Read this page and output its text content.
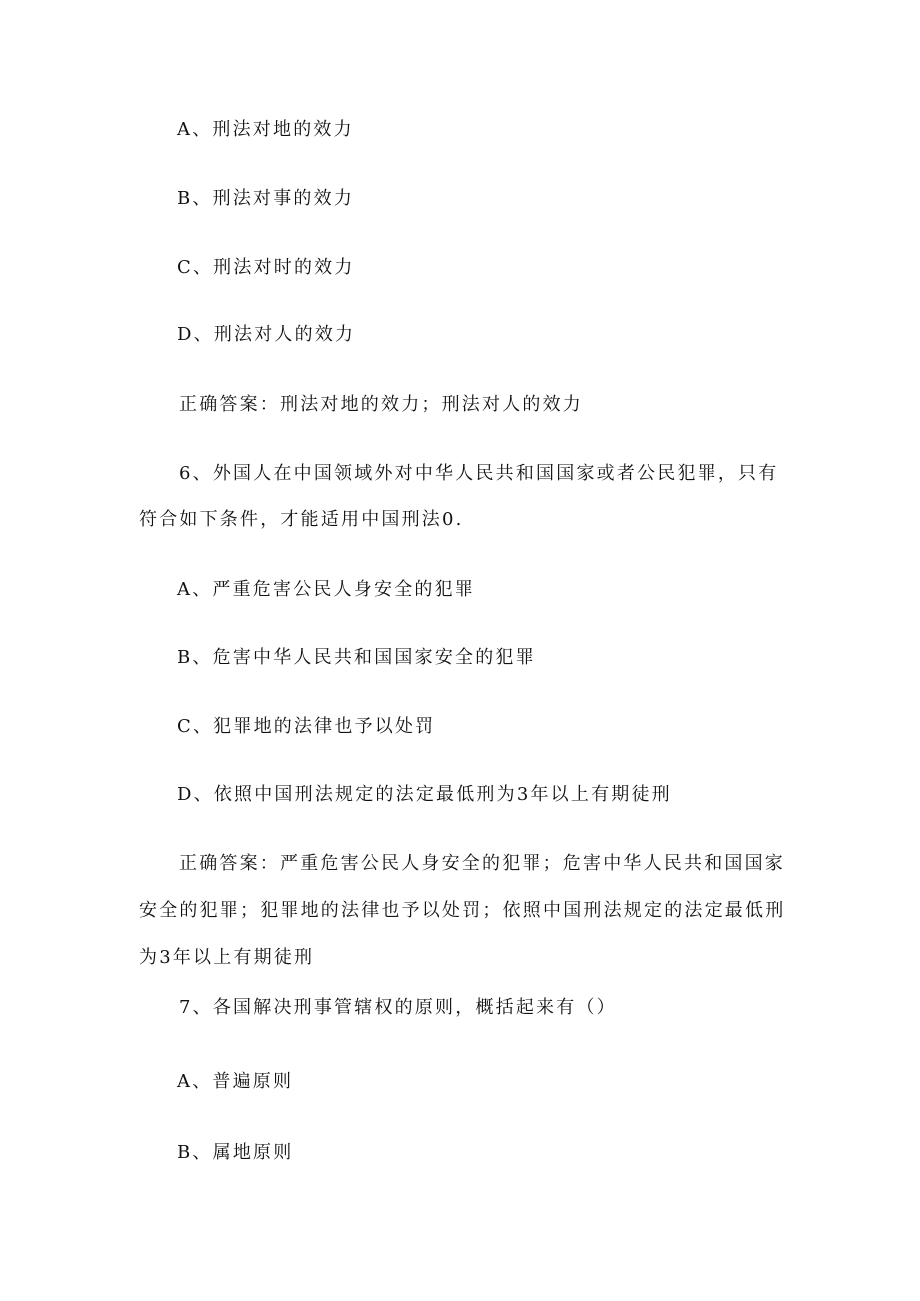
A、刑法对地的效力
B、刑法对事的效力
C、刑法对时的效力
D、刑法对人的效力
正确答案：刑法对地的效力；刑法对人的效力
6、外国人在中国领域外对中华人民共和国国家或者公民犯罪，只有
符合如下条件，才能适用中国刑法0.
A、严重危害公民人身安全的犯罪
B、危害中华人民共和国国家安全的犯罪
C、犯罪地的法律也予以处罚
D、依照中国刑法规定的法定最低刑为3年以上有期徒刑
正确答案：严重危害公民人身安全的犯罪；危害中华人民共和国国家
安全的犯罪；犯罪地的法律也予以处罚；依照中国刑法规定的法定最低刑
为3年以上有期徒刑
7、各国解决刑事管辖权的原则，概括起来有（）
A、普遍原则
B、属地原则
